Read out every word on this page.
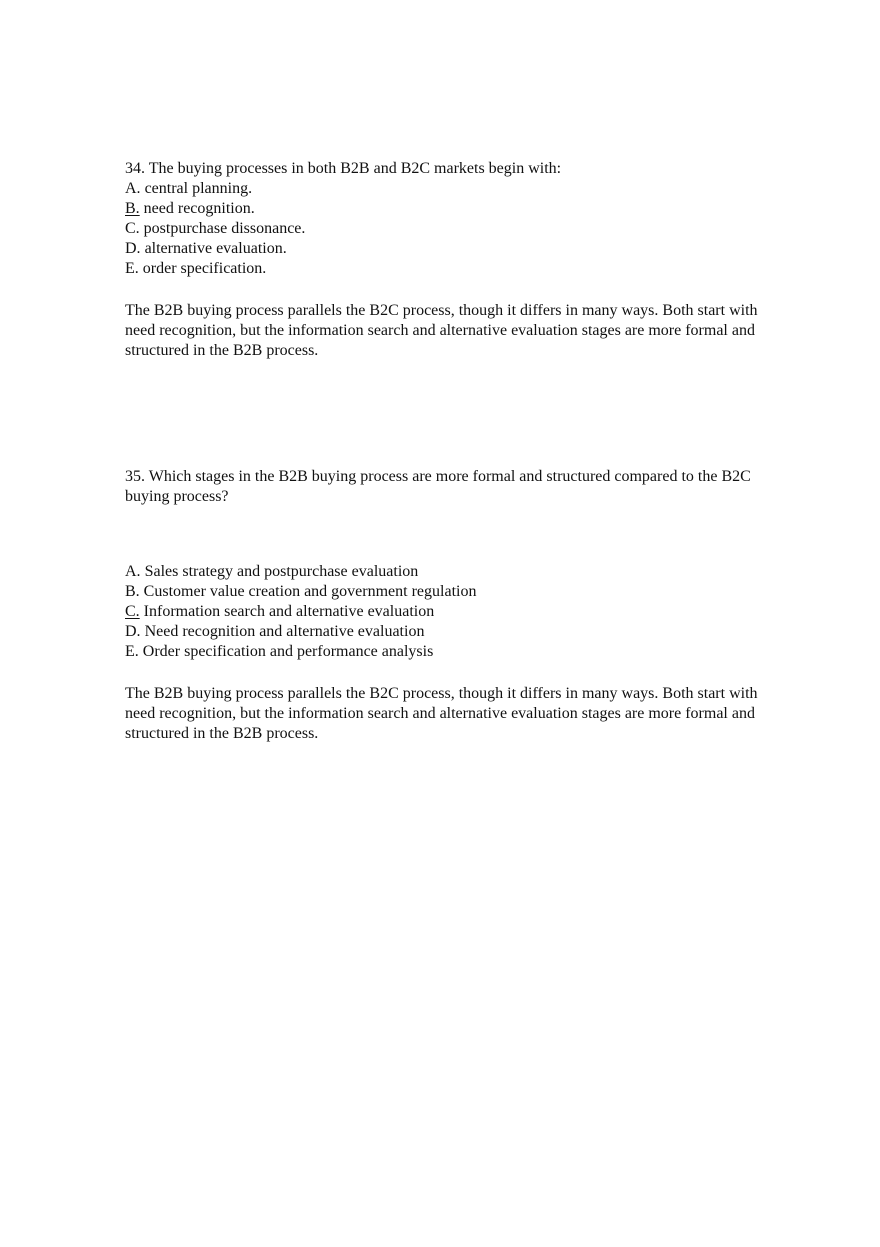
34. The buying processes in both B2B and B2C markets begin with:
A. central planning.
B. need recognition.
C. postpurchase dissonance.
D. alternative evaluation.
E. order specification.
The B2B buying process parallels the B2C process, though it differs in many ways. Both start with need recognition, but the information search and alternative evaluation stages are more formal and structured in the B2B process.
35. Which stages in the B2B buying process are more formal and structured compared to the B2C buying process?
A. Sales strategy and postpurchase evaluation
B. Customer value creation and government regulation
C. Information search and alternative evaluation
D. Need recognition and alternative evaluation
E. Order specification and performance analysis
The B2B buying process parallels the B2C process, though it differs in many ways. Both start with need recognition, but the information search and alternative evaluation stages are more formal and structured in the B2B process.
